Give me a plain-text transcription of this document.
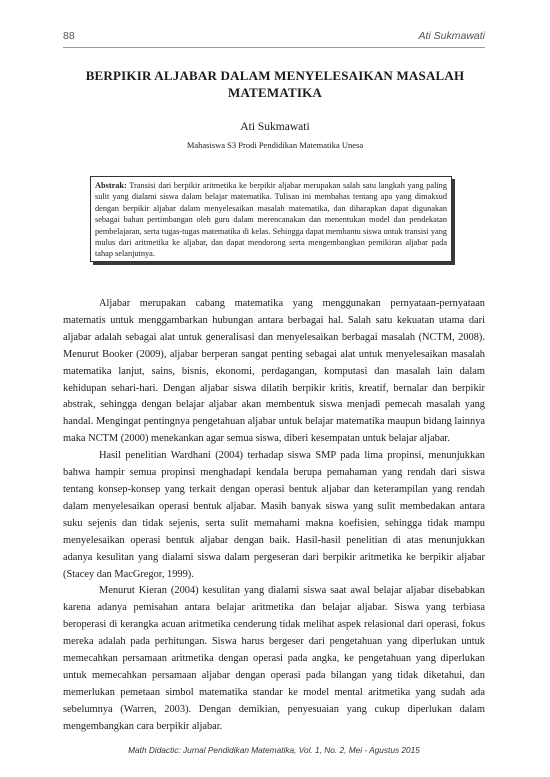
88	Ati Sukmawati
BERPIKIR ALJABAR DALAM MENYELESAIKAN MASALAH MATEMATIKA
Ati Sukmawati
Mahasiswa S3 Prodi Pendidikan Matematika Unesa
Abstrak: Transisi dari berpikir aritmetika ke berpikir aljabar merupakan salah satu langkah yang paling sulit yang dialami siswa dalam belajar matematika. Tulisan ini membahas tentang apa yang dimaksud dengan berpikir aljabar dalam menyelesaikan masalah matematika, dan diharapkan dapat digunakan sebagai bahan pertimbangan oleh guru dalam merencanakan dan menentukan model dan pendekatan pembelajaran, serta tugas-tugas matematika di kelas. Sehingga dapat membantu siswa untuk transisi yang mulus dari aritmetika ke aljabar, dan dapat mendorong serta mengembangkan pemikiran aljabar pada tahap selanjutnya.

Aljabar merupakan cabang matematika yang menggunakan pernyataan-pernyataan matematis untuk menggambarkan hubungan antara berbagai hal. Salah satu kekuatan utama dari aljabar adalah sebagai alat untuk generalisasi dan menyelesaikan berbagai masalah (NCTM, 2008). Menurut Booker (2009), aljabar berperan sangat penting sebagai alat untuk menyelesaikan masalah matematika lanjut, sains, bisnis, ekonomi, perdagangan, komputasi dan masalah lain dalam kehidupan sehari-hari. Dengan aljabar siswa dilatih berpikir kritis, kreatif, bernalar dan berpikir abstrak, sehingga dengan belajar aljabar akan membentuk siswa menjadi pemecah masalah yang handal. Mengingat pentingnya pengetahuan aljabar untuk belajar matematika maupun bidang lainnya maka NCTM (2000) menekankan agar semua siswa, diberi kesempatan untuk belajar aljabar.

Hasil penelitian Wardhani (2004) terhadap siswa SMP pada lima propinsi, menunjukkan bahwa hampir semua propinsi menghadapi kendala berupa pemahaman yang rendah dari siswa tentang konsep-konsep yang terkait dengan operasi bentuk aljabar dan keterampilan yang rendah dalam menyelesaikan operasi bentuk aljabar. Masih banyak siswa yang sulit membedakan antara suku sejenis dan tidak sejenis, serta sulit memahami makna koefisien, sehingga tidak mampu menyelesaikan operasi bentuk aljabar dengan baik. Hasil-hasil penelitian di atas menunjukkan adanya kesulitan yang dialami siswa dalam pergeseran dari berpikir aritmetika ke berpikir aljabar (Stacey dan MacGregor, 1999).

Menurut Kieran (2004) kesulitan yang dialami siswa saat awal belajar aljabar disebabkan karena adanya pemisahan antara belajar aritmetika dan belajar aljabar. Siswa yang terbiasa beroperasi di kerangka acuan aritmetika cenderung tidak melihat aspek relasional dari operasi, fokus mereka adalah pada perhitungan. Siswa harus bergeser dari pengetahuan yang diperlukan untuk memecahkan persamaan aritmetika dengan operasi pada angka, ke pengetahuan yang diperlukan untuk memecahkan persamaan aljabar dengan operasi pada bilangan yang tidak diketahui, dan memerlukan pemetaan simbol matematika standar ke model mental aritmetika yang sudah ada sebelumnya (Warren, 2003). Dengan demikian, penyesuaian yang cukup diperlukan dalam mengembangkan cara berpikir aljabar.

Math Didactic: Jurnal Pendidikan Matematika, Vol. 1, No. 2, Mei - Agustus 2015
